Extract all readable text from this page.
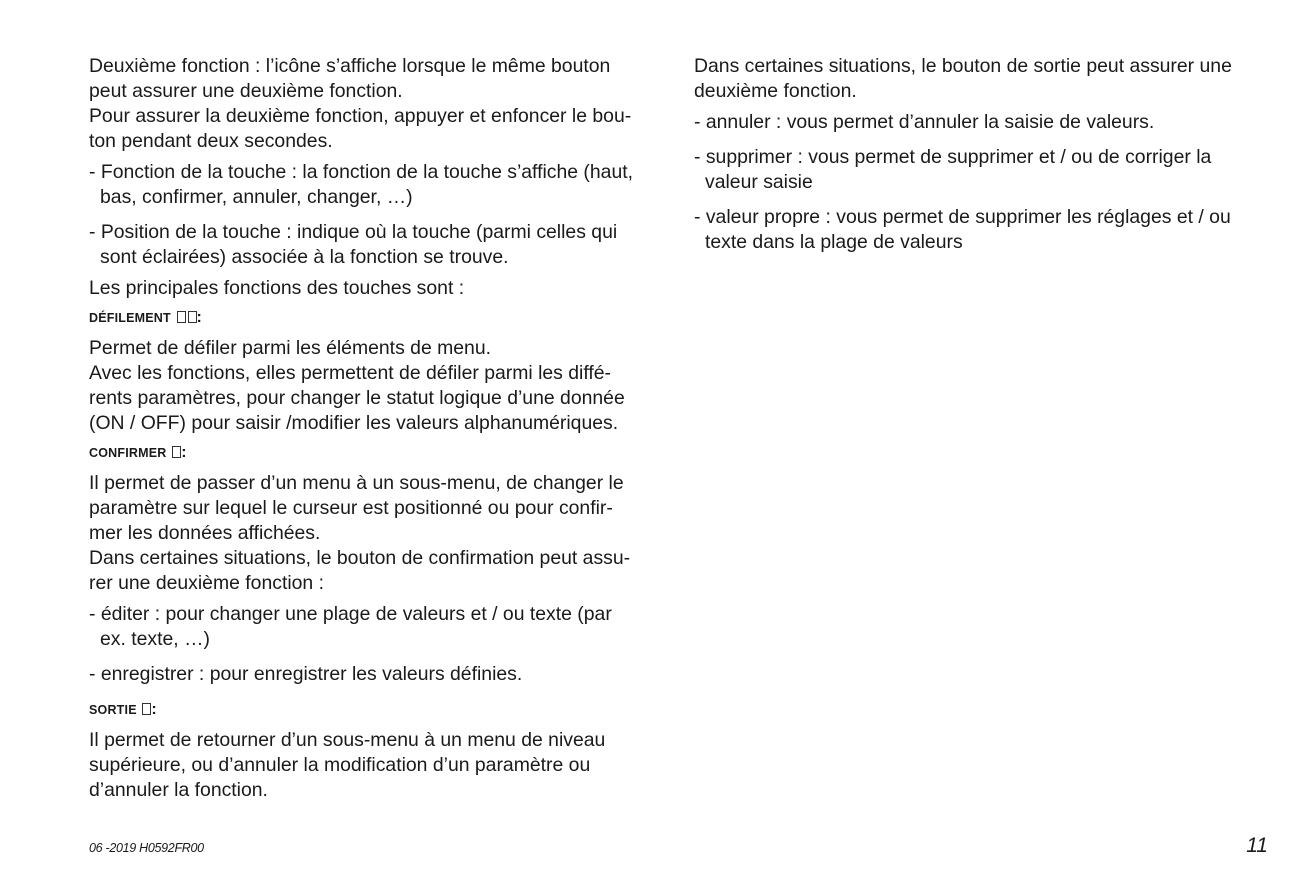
Deuxième fonction : l’icône s’affiche lorsque le même bouton
peut assurer une deuxième fonction.

Pour assurer la deuxième fonction, appuyer et enfoncer le bou-
ton pendant deux secondes.

- Fonction de la touche : la fonction de la touche s’affiche (haut,
bas, confirmer, annuler, changer, …)

- Position de la touche : indique où la touche (parmi celles qui
sont éclairées) associée à la fonction se trouve.

Les principales fonctions des touches sont :

DÉFILEMENT :

Permet de défiler parmi les éléments de menu.

Avec les fonctions, elles permettent de défiler parmi les diffé-
rents paramètres, pour changer le statut logique d’une donnée
(ON / OFF) pour saisir /modifier les valeurs alphanumériques.

CONFIRMER :

Il permet de passer d’un menu à un sous-menu, de changer le
paramètre sur lequel le curseur est positionné ou pour confir-
mer les données affichées.

Dans certaines situations, le bouton de confirmation peut assu-
rer une deuxième fonction :

- éditer : pour changer une plage de valeurs et / ou texte (par
ex. texte, …)

- enregistrer : pour enregistrer les valeurs définies.

SORTIE :

Il permet de retourner d’un sous-menu à un menu de niveau
supérieure, ou d’annuler la modification d’un paramètre ou
d’annuler la fonction.

Dans certaines situations, le bouton de sortie peut assurer une
deuxième fonction.

- annuler : vous permet d’annuler la saisie de valeurs.

- supprimer : vous permet de supprimer et / ou de corriger la
valeur saisie

- valeur propre : vous permet de supprimer les réglages et / ou
texte dans la plage de valeurs

06 -2019 H0592FR00	11
